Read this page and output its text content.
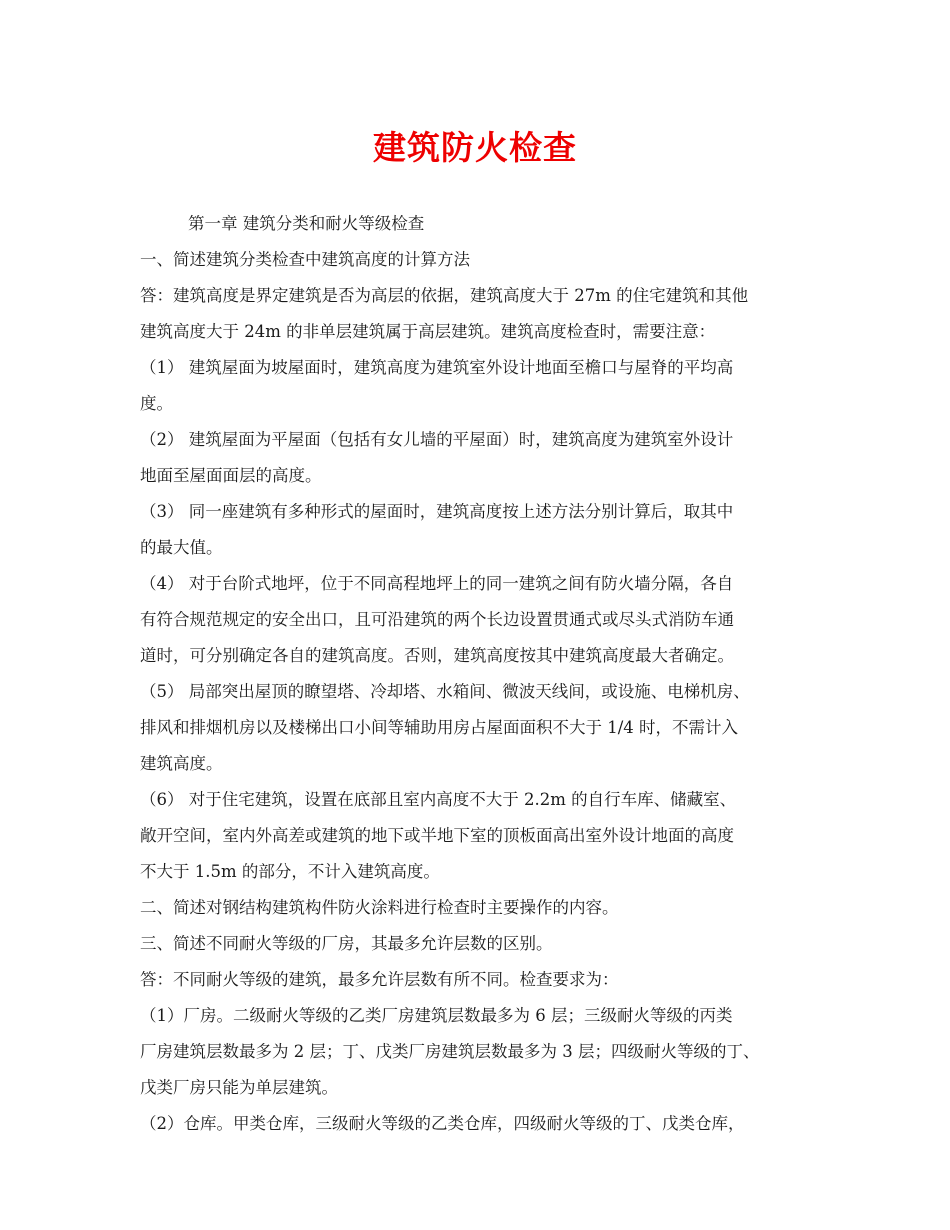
建筑防火检查
第一章 建筑分类和耐火等级检查
一、简述建筑分类检查中建筑高度的计算方法
答：建筑高度是界定建筑是否为高层的依据，建筑高度大于 27m 的住宅建筑和其他
建筑高度大于 24m 的非单层建筑属于高层建筑。建筑高度检查时，需要注意：
（1） 建筑屋面为坡屋面时，建筑高度为建筑室外设计地面至檐口与屋脊的平均高
度。
（2） 建筑屋面为平屋面（包括有女儿墙的平屋面）时，建筑高度为建筑室外设计
地面至屋面面层的高度。
（3） 同一座建筑有多种形式的屋面时，建筑高度按上述方法分别计算后，取其中
的最大值。
（4） 对于台阶式地坪，位于不同高程地坪上的同一建筑之间有防火墙分隔，各自
有符合规范规定的安全出口，且可沿建筑的两个长边设置贯通式或尽头式消防车通
道时，可分别确定各自的建筑高度。否则，建筑高度按其中建筑高度最大者确定。
（5） 局部突出屋顶的瞭望塔、冷却塔、水箱间、微波天线间，或设施、电梯机房、
排风和排烟机房以及楼梯出口小间等辅助用房占屋面面积不大于 1/4 时，不需计入
建筑高度。
（6） 对于住宅建筑，设置在底部且室内高度不大于 2.2m 的自行车库、储藏室、
敞开空间，室内外高差或建筑的地下或半地下室的顶板面高出室外设计地面的高度
不大于 1.5m 的部分，不计入建筑高度。
二、简述对钢结构建筑构件防火涂料进行检查时主要操作的内容。
三、简述不同耐火等级的厂房，其最多允许层数的区别。
答：不同耐火等级的建筑，最多允许层数有所不同。检查要求为：
（1）厂房。二级耐火等级的乙类厂房建筑层数最多为 6 层；三级耐火等级的丙类
厂房建筑层数最多为 2 层；丁、戊类厂房建筑层数最多为 3 层；四级耐火等级的丁、
戊类厂房只能为单层建筑。
（2）仓库。甲类仓库，三级耐火等级的乙类仓库，四级耐火等级的丁、戊类仓库，
